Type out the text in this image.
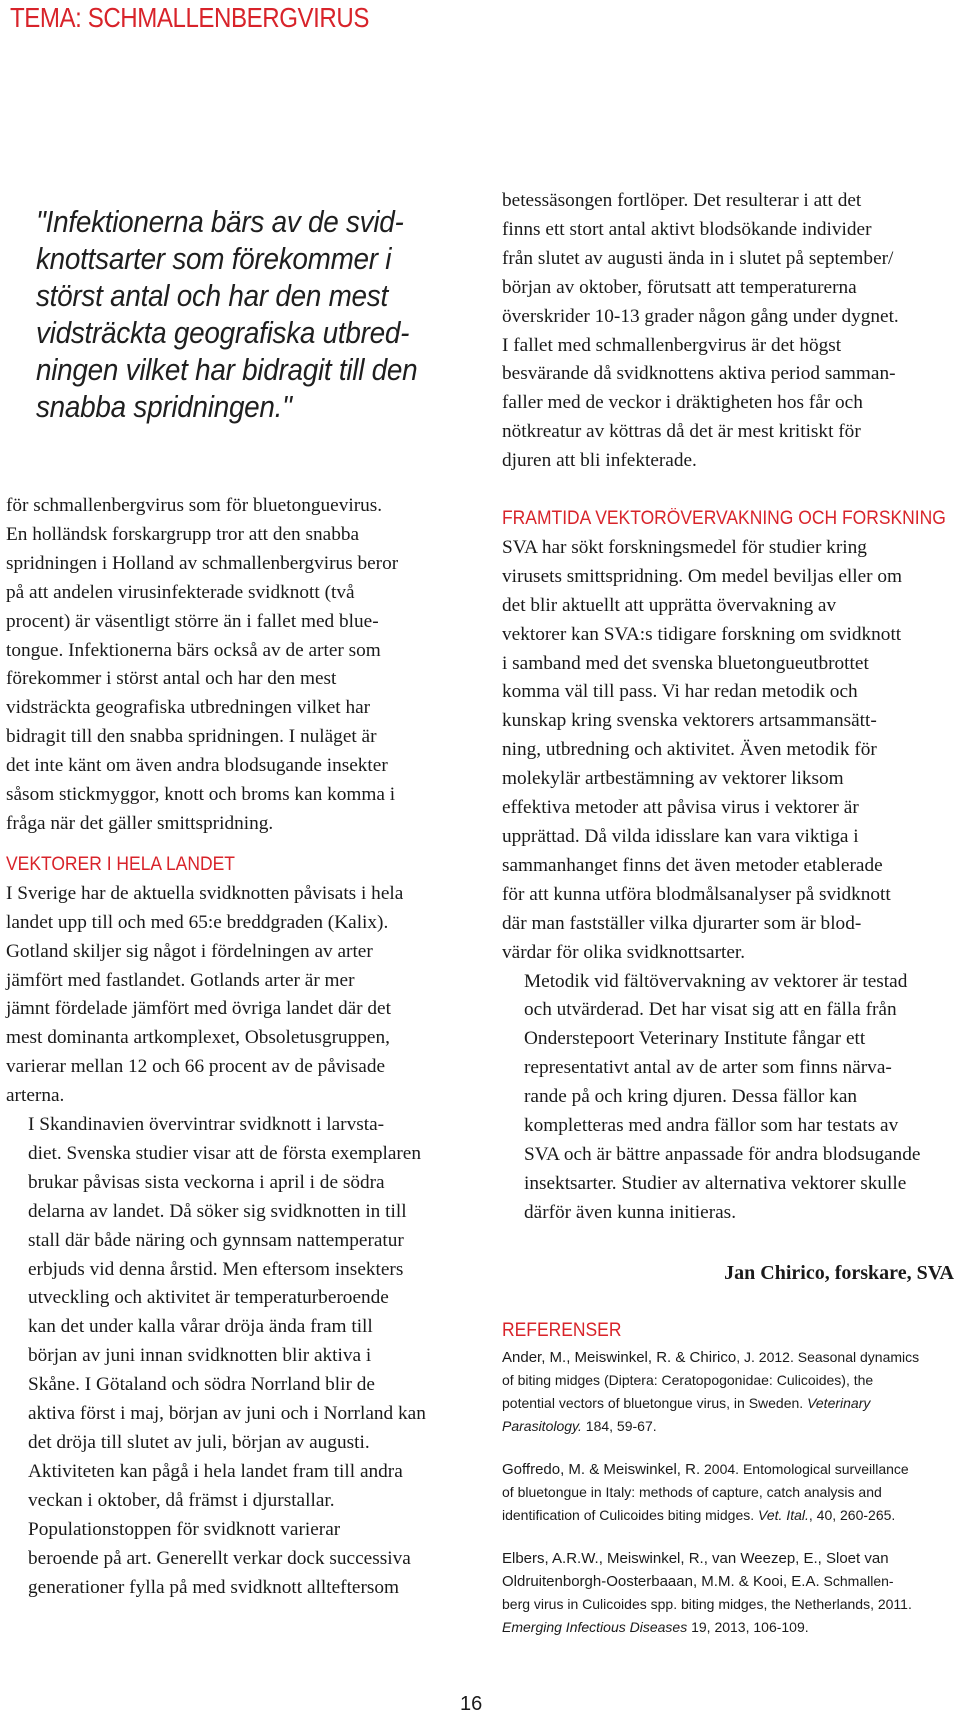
TEMA: SCHMALLENBERGVIRUS
"Infektionerna bärs av de svid-
knottsarter som förekommer i
störst antal och har den mest
vidsträckta geografiska utbred-
ningen vilket har bidragit till den
snabba spridningen."

för schmallenbergvirus som för bluetonguevirus.
En holländsk forskargrupp tror att den snabba
spridningen i Holland av schmallenbergvirus beror
på att andelen virusinfekterade svidknott (två
procent) är väsentligt större än i fallet med blue-
tongue. Infektionerna bärs också av de arter som
förekommer i störst antal och har den mest
vidsträckta geografiska utbredningen vilket har
bidragit till den snabba spridningen. I nuläget är
det inte känt om även andra blodsugande insekter
såsom stickmyggor, knott och broms kan komma i
fråga när det gäller smittspridning.

VEKTORER I HELA LANDET

I Sverige har de aktuella svidknotten påvisats i hela
landet upp till och med 65:e breddgraden (Kalix).
Gotland skiljer sig något i fördelningen av arter
jämfört med fastlandet. Gotlands arter är mer
jämnt fördelade jämfört med övriga landet där det
mest dominanta artkomplexet, Obsoletusgruppen,
varierar mellan 12 och 66 procent av de påvisade
arterna.

I Skandinavien övervintrar svidknott i larvsta-
diet. Svenska studier visar att de första exemplaren
brukar påvisas sista veckorna i april i de södra
delarna av landet. Då söker sig svidknotten in till
stall där både näring och gynnsam nattemperatur
erbjuds vid denna årstid. Men eftersom insekters
utveckling och aktivitet är temperaturberoende
kan det under kalla vårar dröja ända fram till
början av juni innan svidknotten blir aktiva i
Skåne. I Götaland och södra Norrland blir de
aktiva först i maj, början av juni och i Norrland kan
det dröja till slutet av juli, början av augusti.
Aktiviteten kan pågå i hela landet fram till andra
veckan i oktober, då främst i djurstallar.

Populationstoppen för svidknott varierar
beroende på art. Generellt verkar dock successiva
generationer fylla på med svidknott allteftersom

betessäsongen fortlöper. Det resulterar i att det
finns ett stort antal aktivt blodsökande individer
från slutet av augusti ända in i slutet på september/
början av oktober, förutsatt att temperaturerna
överskrider 10-13 grader någon gång under dygnet.
I fallet med schmallenbergvirus är det högst
besvärande då svidknottens aktiva period samman-
faller med de veckor i dräktigheten hos får och
nötkreatur av köttras då det är mest kritiskt för
djuren att bli infekterade.

FRAMTIDA VEKTORÖVERVAKNING OCH FORSKNING

SVA har sökt forskningsmedel för studier kring
virusets smittspridning. Om medel beviljas eller om
det blir aktuellt att upprätta övervakning av
vektorer kan SVA:s tidigare forskning om svidknott
i samband med det svenska bluetongueutbrottet
komma väl till pass. Vi har redan metodik och
kunskap kring svenska vektorers artsammansätt-
ning, utbredning och aktivitet. Även metodik för
molekylär artbestämning av vektorer liksom
effektiva metoder att påvisa virus i vektorer är
upprättad. Då vilda idisslare kan vara viktiga i
sammanhanget finns det även metoder etablerade
för att kunna utföra blodmålsanalyser på svidknott
där man fastställer vilka djurarter som är blod-
värdar för olika svidknottsarter.

Metodik vid fältövervakning av vektorer är testad
och utvärderad. Det har visat sig att en fälla från
Onderstepoort Veterinary Institute fångar ett
representativt antal av de arter som finns närva-
rande på och kring djuren. Dessa fällor kan
kompletteras med andra fällor som har testats av
SVA och är bättre anpassade för andra blodsugande
insektsarter. Studier av alternativa vektorer skulle
därför även kunna initieras.

Jan Chirico, forskare, SVA
REFERENSER
Ander, M., Meiswinkel, R. & Chirico, J. 2012. Seasonal dynamics
of biting midges (Diptera: Ceratopogonidae: Culicoides), the
potential vectors of bluetongue virus, in Sweden. Veterinary
Parasitology. 184, 59-67.
Goffredo, M. & Meiswinkel, R. 2004. Entomological surveillance
of bluetongue in Italy: methods of capture, catch analysis and
identification of Culicoides biting midges. Vet. Ital., 40, 260-265.
Elbers, A.R.W., Meiswinkel, R., van Weezep, E., Sloet van
Oldruitenborgh-Oosterbaaan, M.M. & Kooi, E.A. Schmallen-
berg virus in Culicoides spp. biting midges, the Netherlands, 2011.
Emerging Infectious Diseases 19, 2013, 106-109.
16
